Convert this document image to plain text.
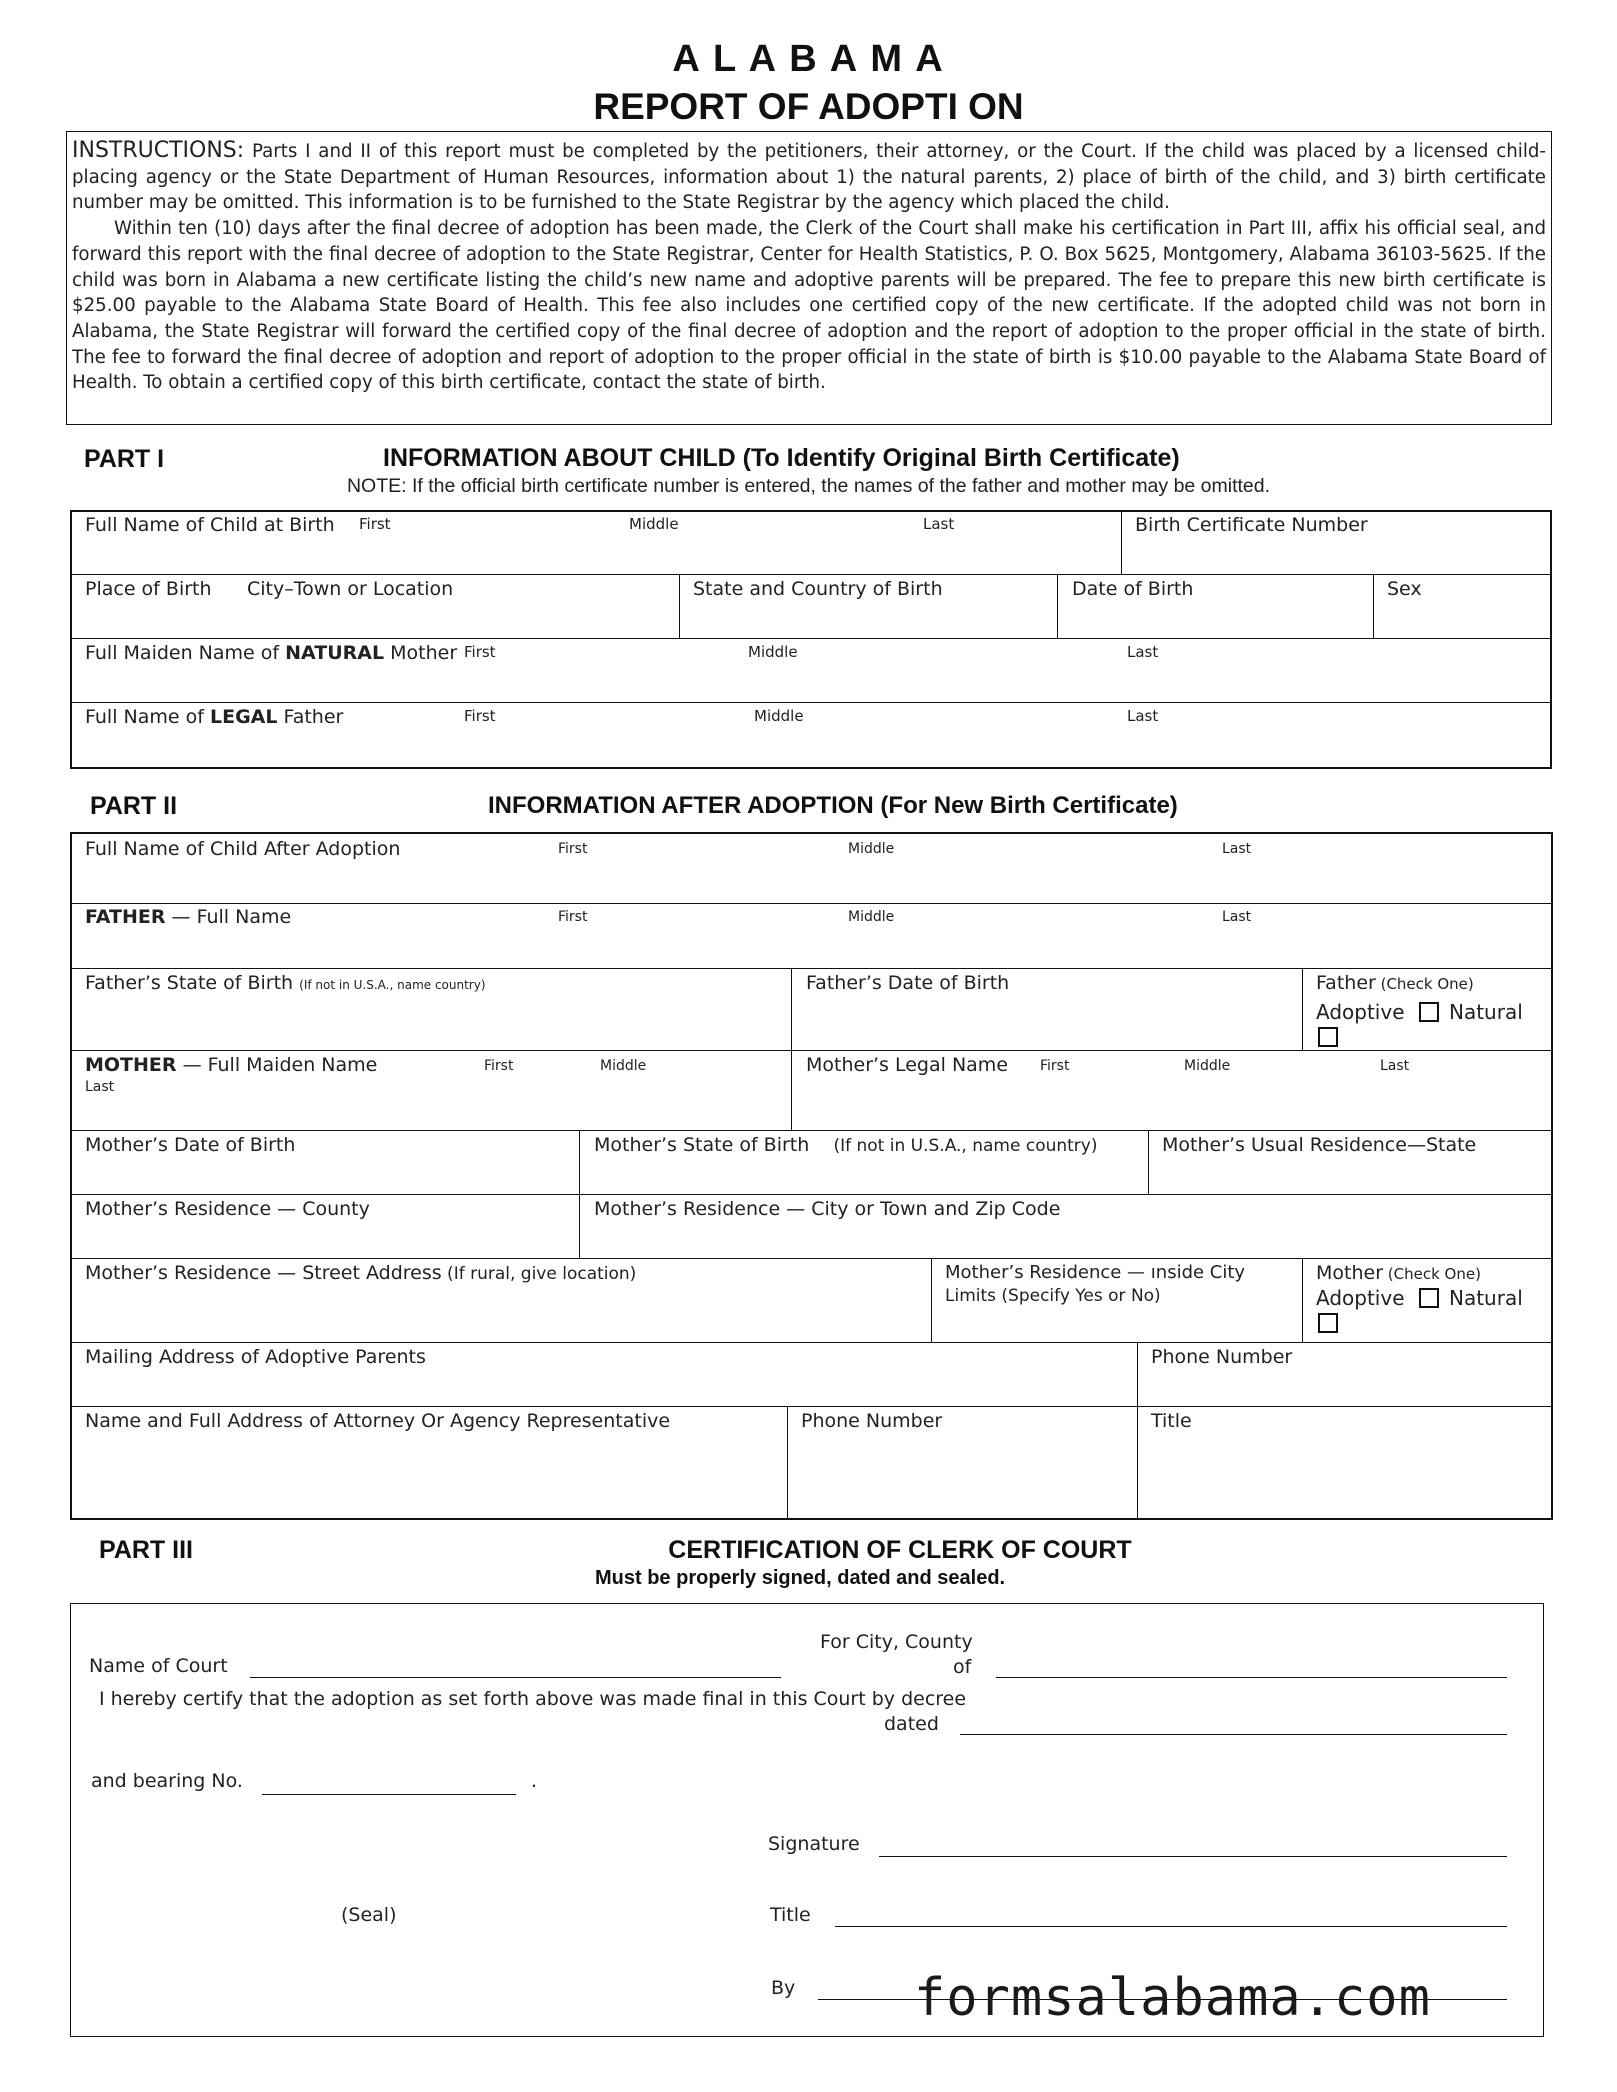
A L A B A M A
REPORT OF ADOPTI ON

INSTRUCTIONS: Parts I and II of this report must be completed by the petitioners, their attorney, or the Court. If the child was placed by a licensed child-placing agency or the State Department of Human Resources, information about 1) the natural parents, 2) place of birth of the child, and 3) birth certificate number may be omitted. This information is to be furnished to the State Registrar by the agency which placed the child.

Within ten (10) days after the final decree of adoption has been made, the Clerk of the Court shall make his certification in Part III, affix his official seal, and forward this report with the final decree of adoption to the State Registrar, Center for Health Statistics, P. O. Box 5625, Montgomery, Alabama 36103-5625. If the child was born in Alabama a new certificate listing the child’s new name and adoptive parents will be prepared. The fee to prepare this new birth certificate is $25.00 payable to the Alabama State Board of Health. This fee also includes one certified copy of the new certificate. If the adopted child was not born in Alabama, the State Registrar will forward the certified copy of the final decree of adoption and the report of adoption to the proper official in the state of birth. The fee to forward the final decree of adoption and report of adoption to the proper official in the state of birth is $10.00 payable to the Alabama State Board of Health. To obtain a certified copy of this birth certificate, contact the state of birth.

PART I	INFORMATION ABOUT CHILD (To Identify Original Birth Certificate)
NOTE: If the official birth certificate number is entered, the names of the father and mother may be omitted.
Full Name of Child at Birth First	Middle	Last	Birth Certificate Number
Place of Birth City–Town or Location	State and Country of Birth	Date of Birth	Sex
Full Maiden Name of NATURAL Mother First	Middle	Last
Full Name of LEGAL Father	First	Middle	Last
PART II	INFORMATION AFTER ADOPTION (For New Birth Certificate)
Full Name of Child After Adoption	First	Middle	Last
FATHER — Full Name	First	Middle	Last
Father’s State of Birth (If not in U.S.A., name country)	Father’s Date of Birth	Father (Check One)
Adoptive Natural
MOTHER — Full Maiden Name	First	Middle
Last
Mother’s Legal Name First	Middle	Last
Mother’s Date of Birth	Mother’s State of Birth (If not in U.S.A., name country)	Mother’s Usual Residence—State
Mother’s Residence — County	Mother’s Residence — City or Town and Zip Code
Mother’s Residence — Street Address (If rural, give location)	Mother’s Residence — ınside City
Limits (Specify Yes or No)
Mother (Check One)
Adoptive Natural
Mailing Address of Adoptive Parents	Phone Number
Name and Full Address of Attorney Or Agency Representative	Phone Number	Title
PART III	CERTIFICATION OF CLERK OF COURT
Must be properly signed, dated and sealed.
Name of Court
For City, County
of
I hereby certify that the adoption as set forth above was made final in this Court by decree
dated
and bearing No.	.
Signature
(Seal)	Title
By formsalabama.com
